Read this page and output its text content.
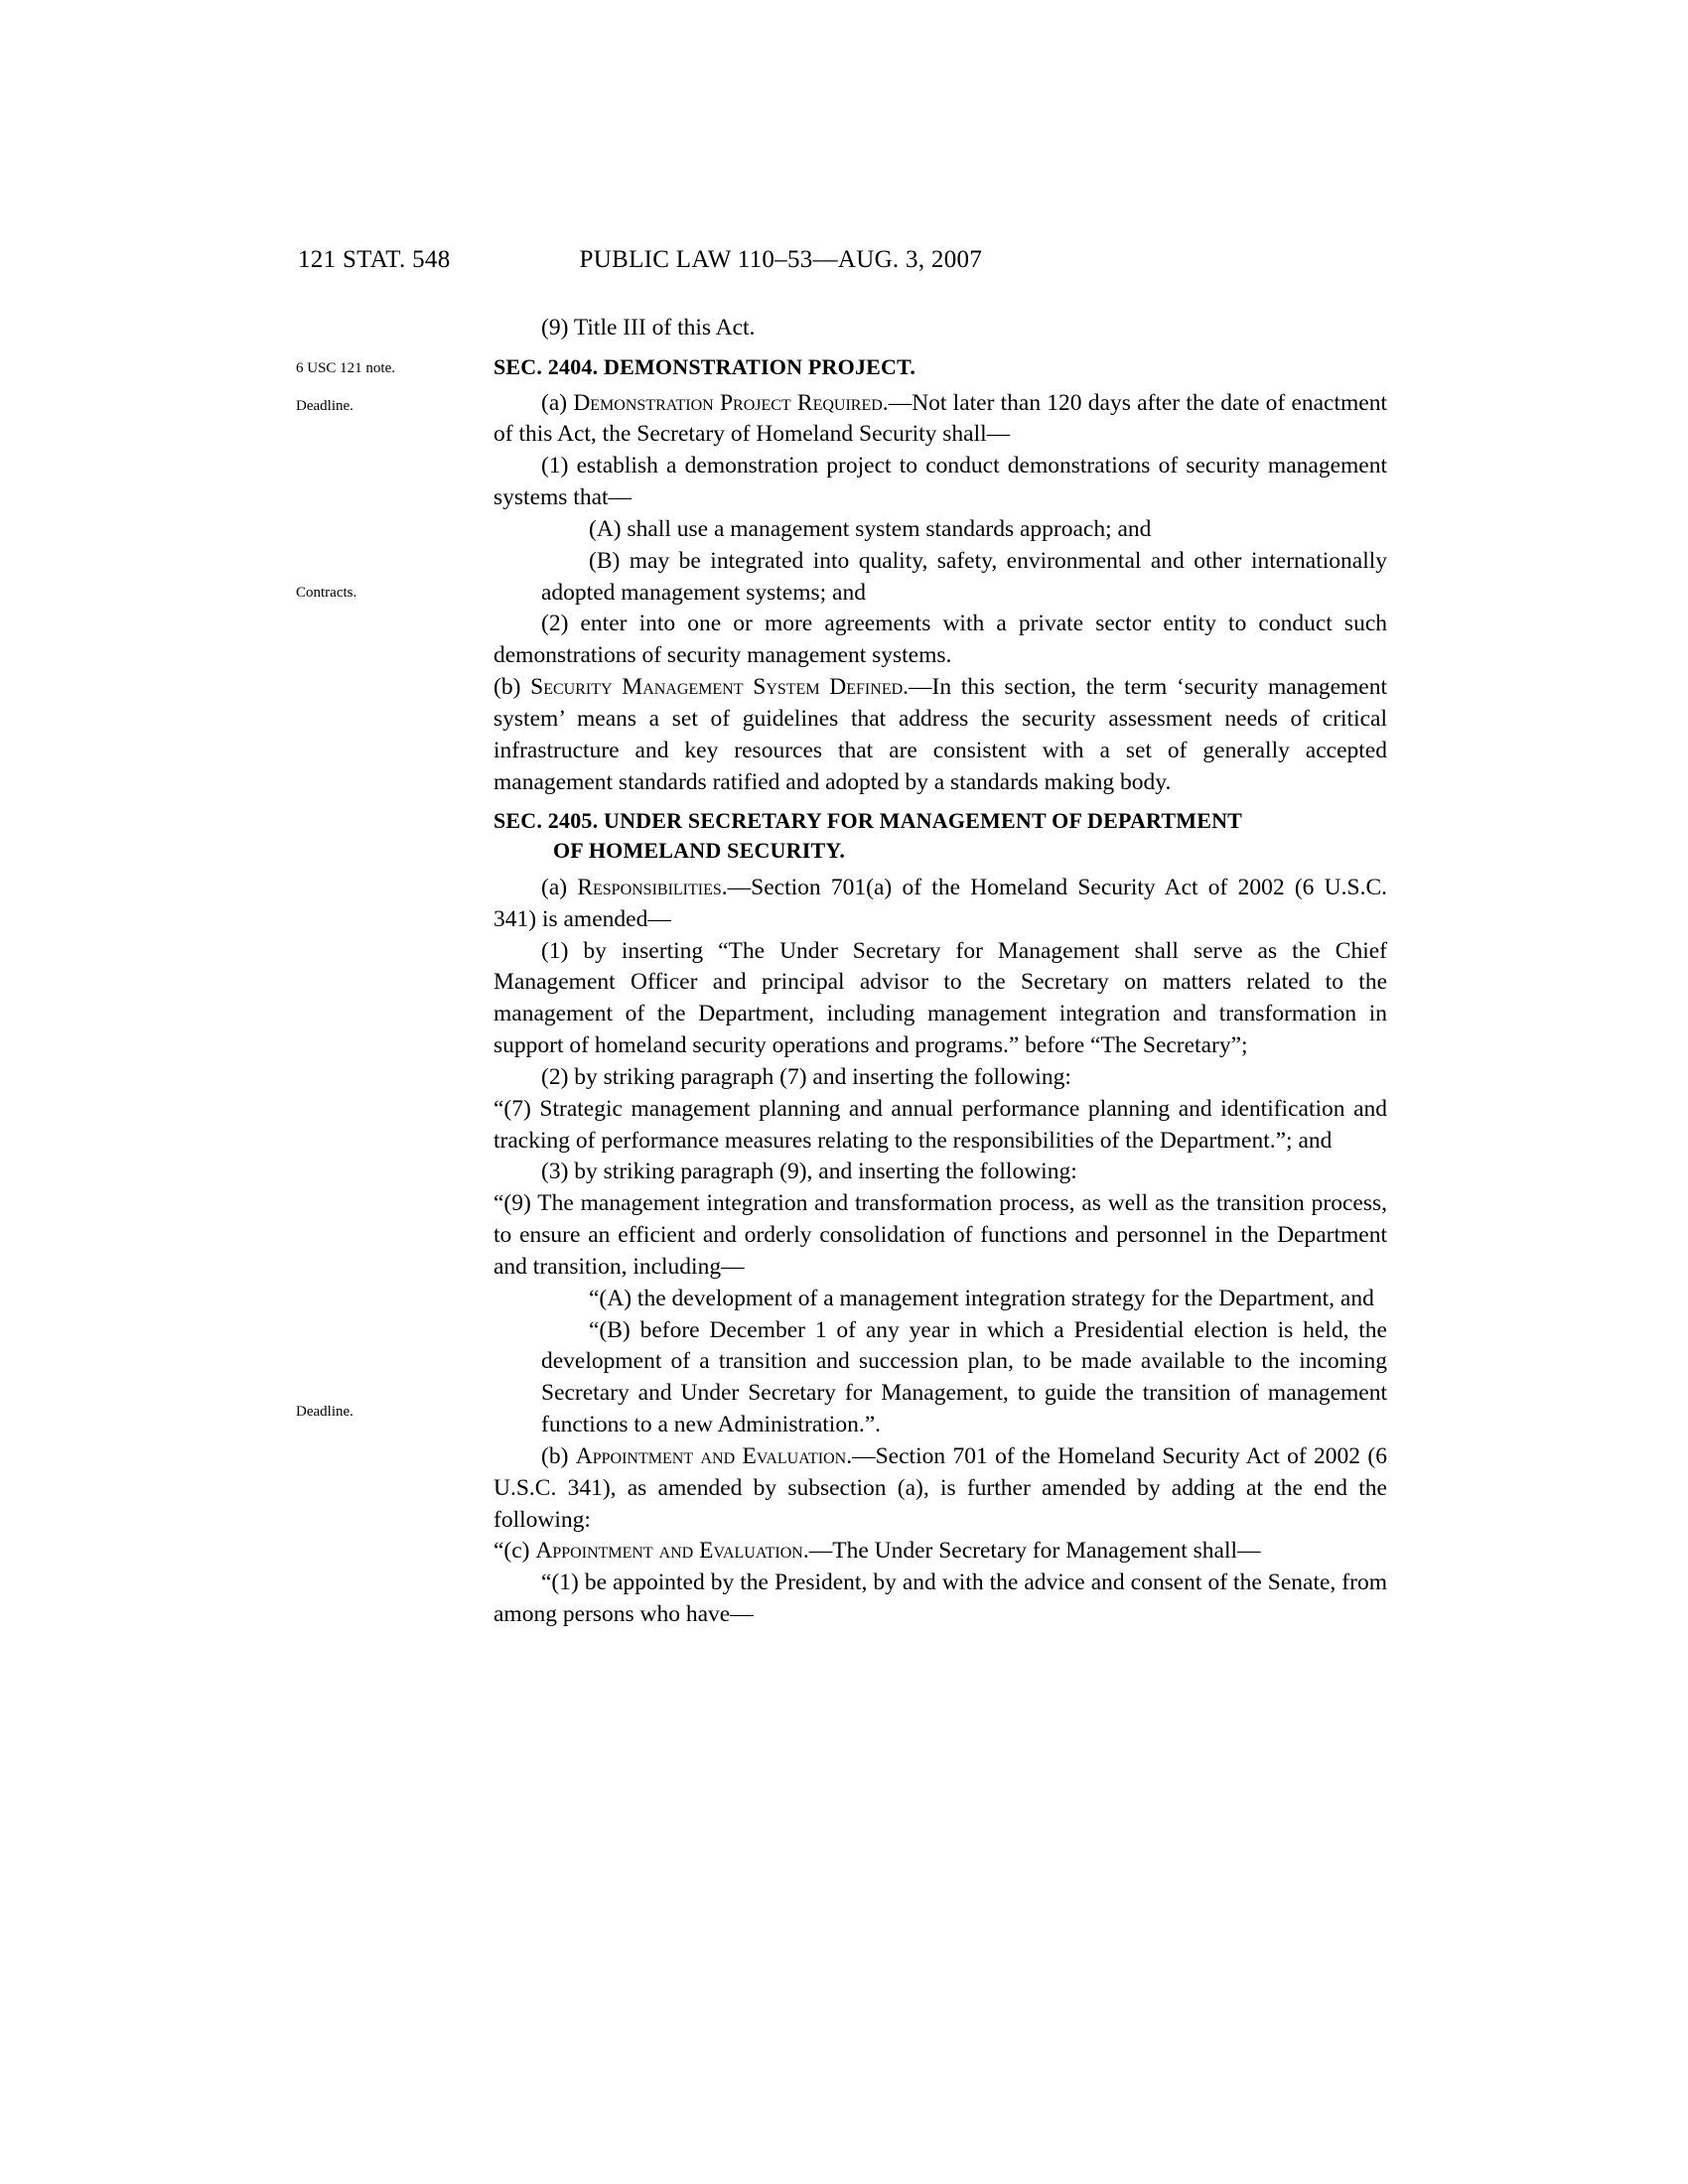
121 STAT. 548	PUBLIC LAW 110–53—AUG. 3, 2007
6 USC 121 note.
Deadline.
Contracts.
Deadline.

(9) Title III of this Act.

SEC. 2404. DEMONSTRATION PROJECT.

(a) Demonstration Project Required.—Not later than 120 days after the date of enactment of this Act, the Secretary of Homeland Security shall—

(1) establish a demonstration project to conduct demonstrations of security management systems that—

(A) shall use a management system standards approach; and

(B) may be integrated into quality, safety, environmental and other internationally adopted management systems; and

(2) enter into one or more agreements with a private sector entity to conduct such demonstrations of security management systems.

(b) Security Management System Defined.—In this section, the term ‘security management system’ means a set of guidelines that address the security assessment needs of critical infrastructure and key resources that are consistent with a set of generally accepted management standards ratified and adopted by a standards making body.

SEC. 2405. UNDER SECRETARY FOR MANAGEMENT OF DEPARTMENT
OF HOMELAND SECURITY.

(a) Responsibilities.—Section 701(a) of the Homeland Security Act of 2002 (6 U.S.C. 341) is amended—

(1) by inserting “The Under Secretary for Management shall serve as the Chief Management Officer and principal advisor to the Secretary on matters related to the management of the Department, including management integration and transformation in support of homeland security operations and programs.” before “The Secretary”;

(2) by striking paragraph (7) and inserting the following:

“(7) Strategic management planning and annual performance planning and identification and tracking of performance measures relating to the responsibilities of the Department.”; and

(3) by striking paragraph (9), and inserting the following:

“(9) The management integration and transformation process, as well as the transition process, to ensure an efficient and orderly consolidation of functions and personnel in the Department and transition, including—

“(A) the development of a management integration strategy for the Department, and

“(B) before December 1 of any year in which a Presidential election is held, the development of a transition and succession plan, to be made available to the incoming Secretary and Under Secretary for Management, to guide the transition of management functions to a new Administration.”.

(b) Appointment and Evaluation.—Section 701 of the Homeland Security Act of 2002 (6 U.S.C. 341), as amended by subsection (a), is further amended by adding at the end the following:

“(c) Appointment and Evaluation.—The Under Secretary for Management shall—

“(1) be appointed by the President, by and with the advice and consent of the Senate, from among persons who have—
